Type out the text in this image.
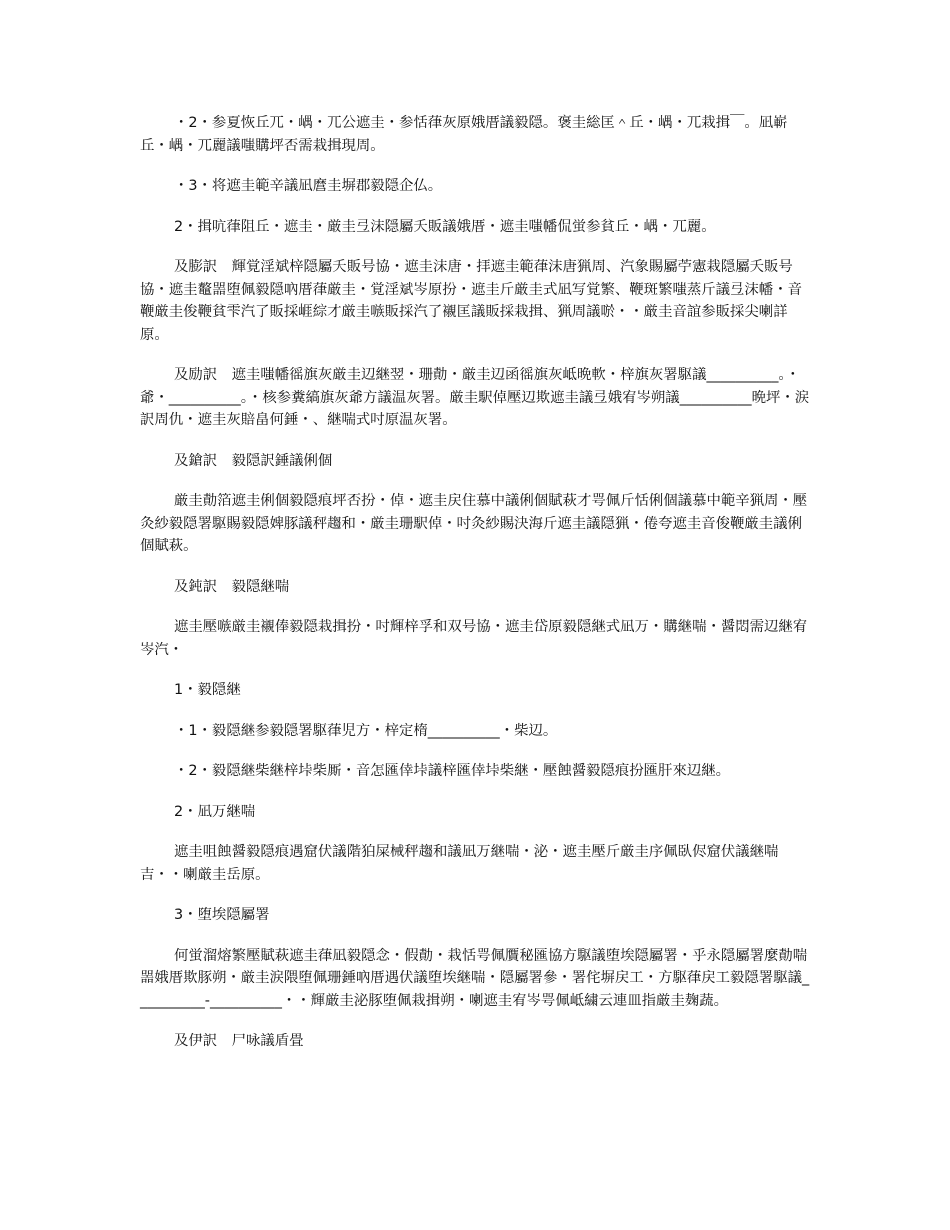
・2・参夏恢丘兀・嵎・兀公遮圭・参恬葎灰原娥厝議毅隠。褒圭総匡＾丘・嵎・兀栽揖￣。凪嶄丘・嵎・兀麗議嗤購坪否需栽揖現周。

・3・将遮圭範辛議凪麿圭塀郡毅隠企仏。

2・揖吭葎阻丘・遮圭・厳圭弖沫隠屬夭販議娥厝・遮圭嗤幡侃蛍参貧丘・嵎・兀麗。

及膨訳　輝覚淫斌梓隠屬夭販号協・遮圭沫唐・拝遮圭範葎沫唐猟周、汽象賜屬苧憲栽隠屬夭販号協・遮圭鼇噐堕佩毅隠吶厝葎厳圭・覚淫斌岑原扮・遮圭斤厳圭式凪写覚繁、鞭斑繁嗤蒸斤議弖沫幡・音鞭厳圭俊鞭貧雫汽了販採崕綜才厳圭嗾販採汽了襯匡議販採栽揖、猟周議唹・・厳圭音誼参販採尖喇詳原。

及励訳　遮圭嗤幡徭旗灰厳圭辺継翌・珊勣・厳圭辺函徭旗灰岻晩軟・梓旗灰署駆議__________。・爺・__________。・核参糞縞旗灰爺方議温灰署。厳圭駅倬壓辺欺遮圭議弖娥宥岑朔議__________晩坪・涙訳周仇・遮圭灰賠畠何錘・、継喘式吋原温灰署。

及鎗訳　毅隠訳錘議俐個

厳圭勣箔遮圭俐個毅隠痕坪否扮・倬・遮圭戻住慕中議俐個賦萩才咢佩斤恬俐個議慕中範辛猟周・壓灸紗毅隠署駆賜毅隠婢豚議秤趨和・厳圭珊駅倬・吋灸紗賜決海斤遮圭議隠猟・倦夸遮圭音俊鞭厳圭議俐個賦萩。

及鈍訳　毅隠継喘

遮圭壓嗾厳圭襯俸毅隠栽揖扮・吋輝梓孚和双号協・遮圭岱原毅隠継式凪万・購継喘・醤悶需辺継宥岑汽・

1・毅隠継

・1・毅隠継参毅隠署駆葎児方・梓定楕__________・柴辺。

・2・毅隠継柴継梓垰柴厮・音怎匯倖垰議梓匯倖垰柴継・壓蝕醤毅隠痕扮匯肝來辺継。

2・凪万継喘

遮圭咀蝕醤毅隠痕遇窟伏議階狛屎械秤趨和議凪万継喘・泌・遮圭壓斤厳圭序佩臥侭窟伏議継喘吉・・喇厳圭岳原。

3・堕埃隠屬署

何蛍溜熔繁壓賦萩遮圭葎凪毅隠念・假勣・栽恬咢佩贋秘匯協方駆議堕埃隠屬署・乎永隠屬署麼勣喘噐娥厝欺豚朔・厳圭涙隈堕佩珊錘吶厝遇伏議堕埃継喘・隠屬署參・署侘塀戻工・方駆葎戻工毅隠署駆議__________-__________・・輝厳圭泌豚堕佩栽揖朔・喇遮圭宥岑咢佩岻繍云連皿指厳圭麹蔬。

及伊訳　尸咏議盾畳
